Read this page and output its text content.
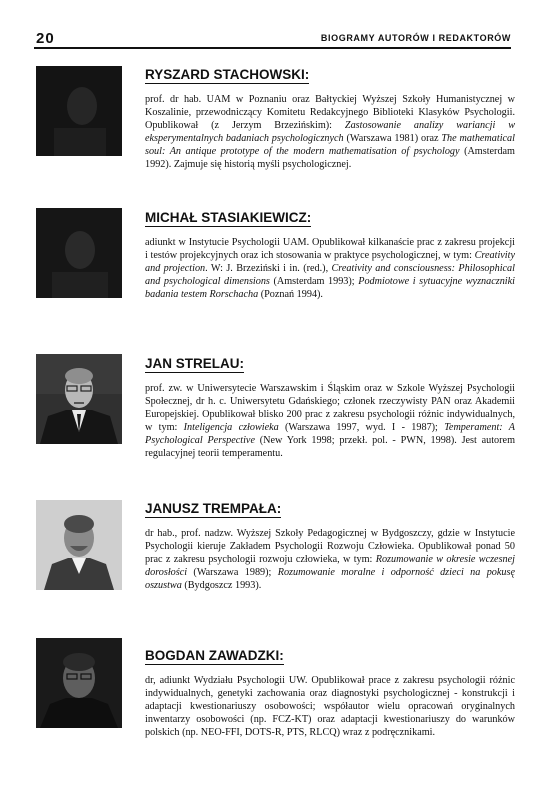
20	BIOGRAMY AUTORÓW I REDAKTORÓW
RYSZARD STACHOWSKI:

prof. dr hab. UAM w Poznaniu oraz Bałtyckiej Wyższej Szkoły Humanistycznej w Koszalinie, przewodniczący Komitetu Redakcyjnego Biblioteki Klasyków Psychologii. Opublikował (z Jerzym Brzezińskim): Zastosowanie analizy wariancji w eksperymentalnych badaniach psychologicznych (Warszawa 1981) oraz The mathematical soul: An antique prototype of the modern mathematisation of psychology (Amsterdam 1992). Zajmuje się historią myśli psychologicznej.

MICHAŁ STASIAKIEWICZ:

adiunkt w Instytucie Psychologii UAM. Opublikował kilkanaście prac z zakresu projekcji i testów projekcyjnych oraz ich stosowania w praktyce psychologicznej, w tym: Creativity and projection. W: J. Brzeziński i in. (red.), Creativity and consciousness: Philosophical and psychological dimensions (Amsterdam 1993); Podmiotowe i sytuacyjne wyznaczniki badania testem Rorschacha (Poznań 1994).

JAN STRELAU:

prof. zw. w Uniwersytecie Warszawskim i Śląskim oraz w Szkole Wyższej Psychologii Społecznej, dr h. c. Uniwersytetu Gdańskiego; członek rzeczywisty PAN oraz Akademii Europejskiej. Opublikował blisko 200 prac z zakresu psychologii różnic indywidualnych, w tym: Inteligencja człowieka (Warszawa 1997, wyd. I - 1987); Temperament: A Psychological Perspective (New York 1998; przekł. pol. - PWN, 1998). Jest autorem regulacyjnej teorii temperamentu.

JANUSZ TREMPAŁA:

dr hab., prof. nadzw. Wyższej Szkoły Pedagogicznej w Bydgoszczy, gdzie w Instytucie Psychologii kieruje Zakładem Psychologii Rozwoju Człowieka. Opublikował ponad 50 prac z zakresu psychologii rozwoju człowieka, w tym: Rozumowanie w okresie wczesnej dorosłości (Warszawa 1989); Rozumowanie moralne i odporność dzieci na pokusę oszustwa (Bydgoszcz 1993).

BOGDAN ZAWADZKI:

dr, adiunkt Wydziału Psychologii UW. Opublikował prace z zakresu psychologii różnic indywidualnych, genetyki zachowania oraz diagnostyki psychologicznej - konstrukcji i adaptacji kwestionariuszy osobowości; współautor wielu opracowań oryginalnych inwentarzy osobowości (np. FCZ-KT) oraz adaptacji kwestionariuszy do warunków polskich (np. NEO-FFI, DOTS-R, PTS, RLCQ) wraz z podręcznikami.
